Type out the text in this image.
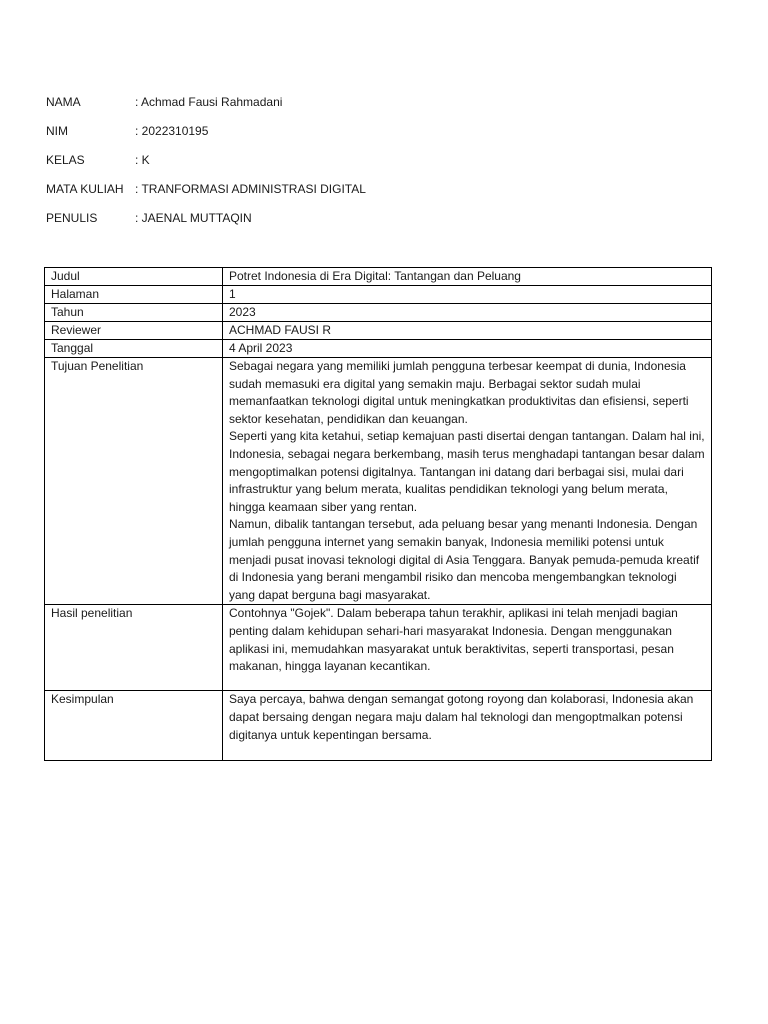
NAMA	: Achmad Fausi Rahmadani
NIM	: 2022310195
KELAS	: K
MATA KULIAH : TRANFORMASI ADMINISTRASI DIGITAL
PENULIS	: JAENAL MUTTAQIN
Judul	Potret Indonesia di Era Digital: Tantangan dan Peluang
Halaman	1
Tahun	2023
Reviewer	ACHMAD FAUSI R
Tanggal	4 April 2023
Tujuan Penelitian	Sebagai negara yang memiliki jumlah pengguna terbesar keempat di dunia, Indonesia sudah memasuki era digital yang semakin maju. Berbagai sektor sudah mulai memanfaatkan teknologi digital untuk meningkatkan produktivitas dan efisiensi, seperti sektor kesehatan, pendidikan dan keuangan.

Seperti yang kita ketahui, setiap kemajuan pasti disertai dengan tantangan. Dalam hal ini, Indonesia, sebagai negara berkembang, masih terus menghadapi tantangan besar dalam mengoptimalkan potensi digitalnya. Tantangan ini datang dari berbagai sisi, mulai dari infrastruktur yang belum merata, kualitas pendidikan teknologi yang belum merata, hingga keamaan siber yang rentan.

Namun, dibalik tantangan tersebut, ada peluang besar yang menanti Indonesia. Dengan jumlah pengguna internet yang semakin banyak, Indonesia memiliki potensi untuk menjadi pusat inovasi teknologi digital di Asia Tenggara. Banyak pemuda-pemuda kreatif di Indonesia yang berani mengambil risiko dan mencoba mengembangkan teknologi yang dapat berguna bagi masyarakat.

Hasil penelitian	Contohnya "Gojek". Dalam beberapa tahun terakhir, aplikasi ini telah menjadi bagian penting dalam kehidupan sehari-hari masyarakat Indonesia. Dengan menggunakan aplikasi ini, memudahkan masyarakat untuk beraktivitas, seperti transportasi, pesan makanan, hingga layanan kecantikan.
Kesimpulan	Saya percaya, bahwa dengan semangat gotong royong dan kolaborasi, Indonesia akan dapat bersaing dengan negara maju dalam hal teknologi dan mengoptmalkan potensi digitanya untuk kepentingan bersama.
